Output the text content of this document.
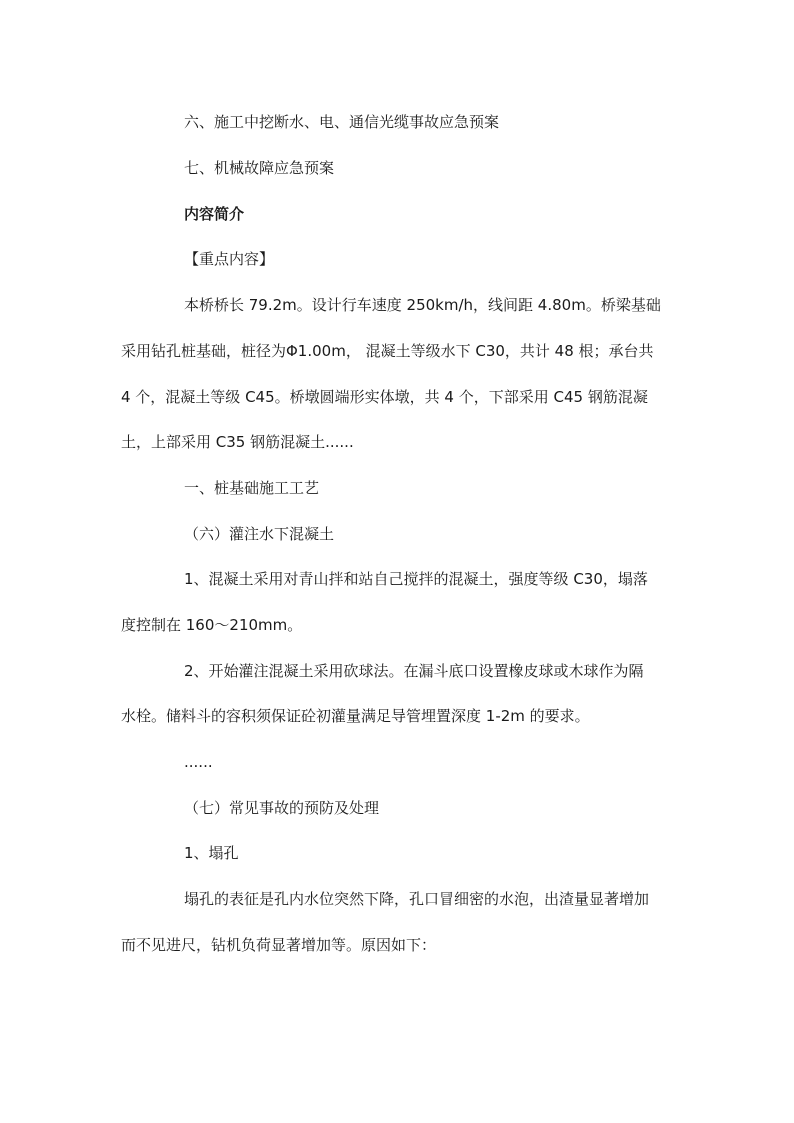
六、施工中挖断水、电、通信光缆事故应急预案
七、机械故障应急预案
内容简介
【重点内容】
本桥桥长 79.2m。设计行车速度 250km/h，线间距 4.80m。桥梁基础
采用钻孔桩基础，桩径为Φ1.00m， 混凝土等级水下 C30，共计 48 根；承台共
4 个，混凝土等级 C45。桥墩圆端形实体墩，共 4 个，下部采用 C45 钢筋混凝
土，上部采用 C35 钢筋混凝土......
一、桩基础施工工艺
（六）灌注水下混凝土
1、混凝土采用对青山拌和站自己搅拌的混凝土，强度等级 C30，塌落
度控制在 160～210mm。
2、开始灌注混凝土采用砍球法。在漏斗底口设置橡皮球或木球作为隔
水栓。储料斗的容积须保证砼初灌量满足导管埋置深度 1-2m 的要求。
......
（七）常见事故的预防及处理
1、塌孔
塌孔的表征是孔内水位突然下降，孔口冒细密的水泡，出渣量显著增加
而不见进尺，钻机负荷显著增加等。原因如下：
